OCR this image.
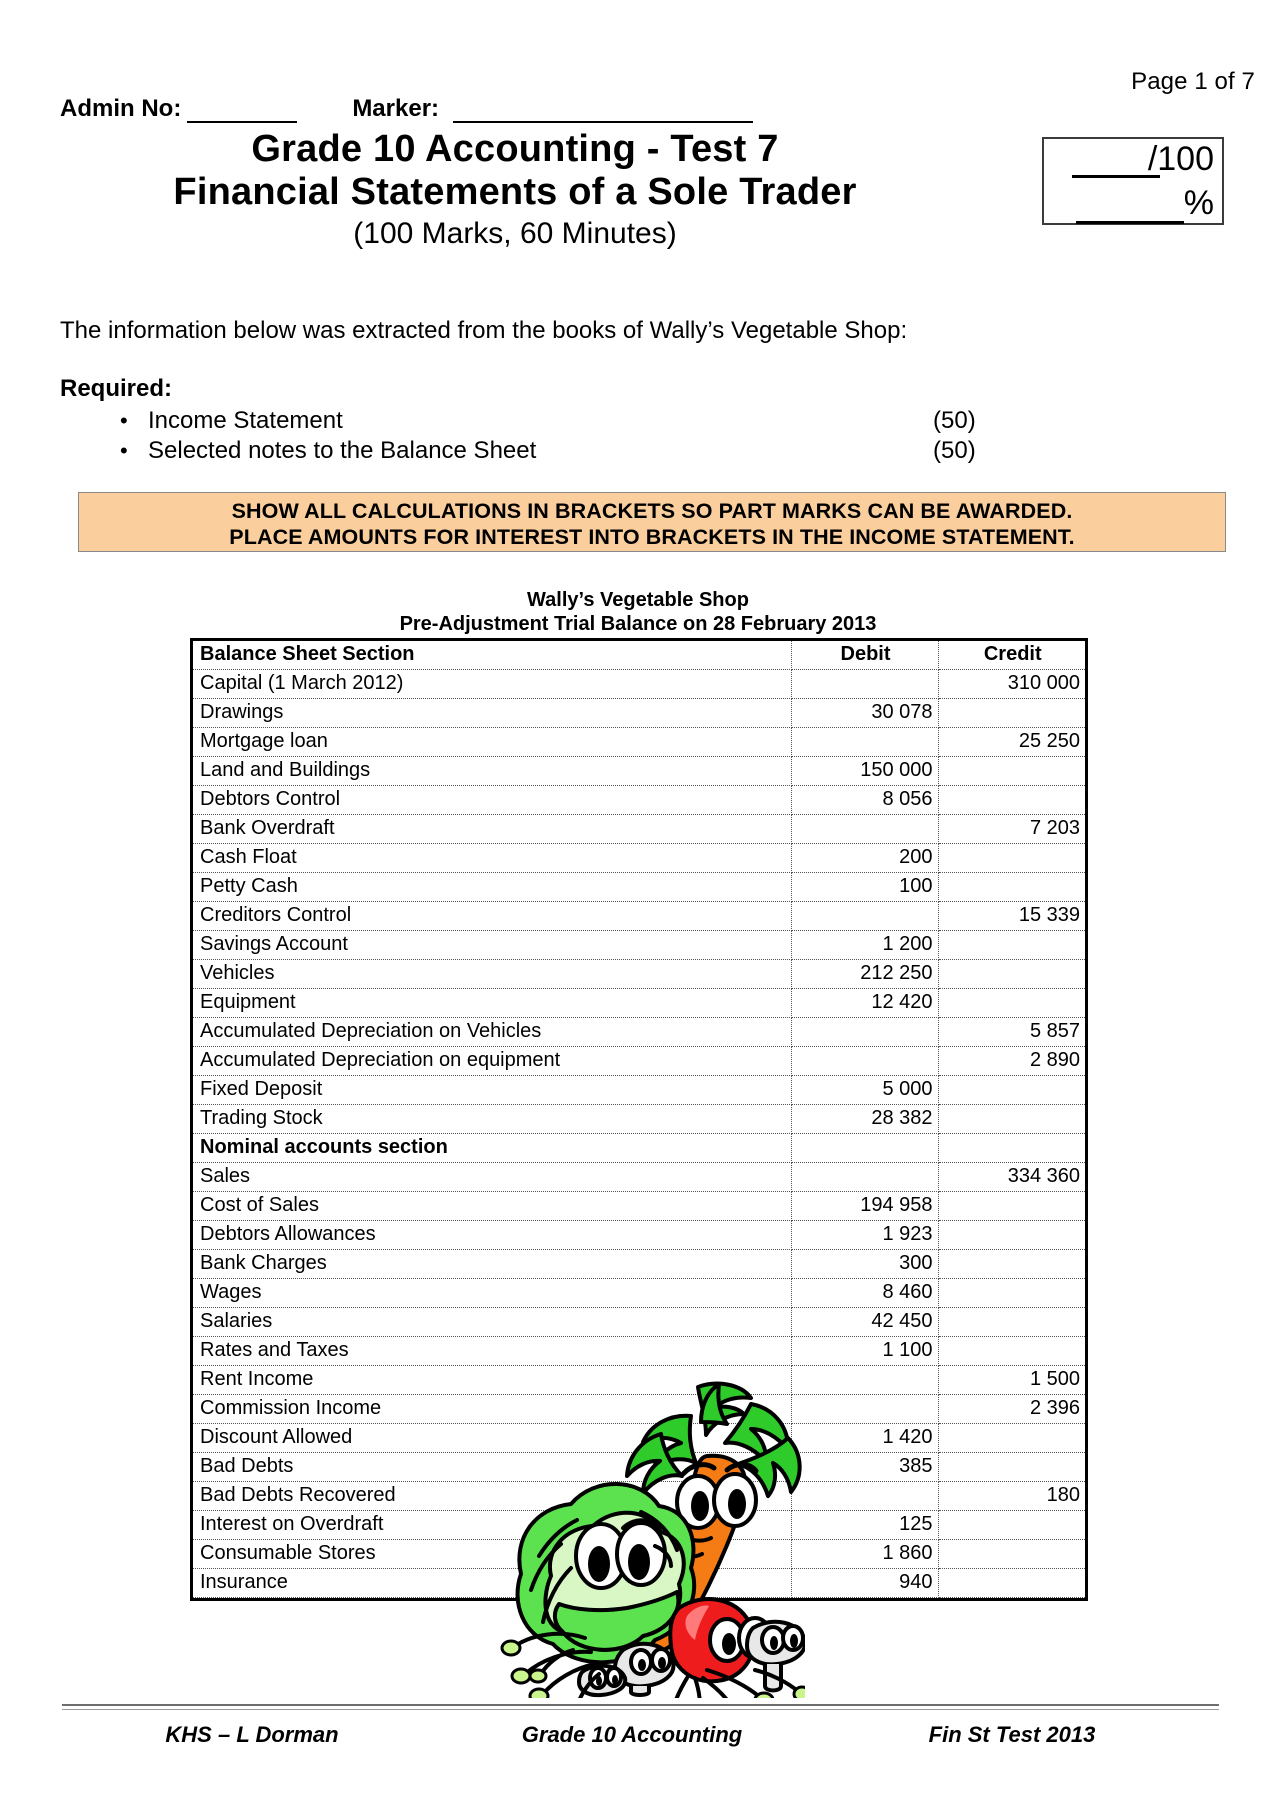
Page 1 of 7
Admin No:	Marker:
Grade 10 Accounting - Test 7
Financial Statements of a Sole Trader
(100 Marks, 60 Minutes)
/100
%
The information below was extracted from the books of Wally’s Vegetable Shop:
Required:
• Income Statement	(50)
• Selected notes to the Balance Sheet	(50)
SHOW ALL CALCULATIONS IN BRACKETS SO PART MARKS CAN BE AWARDED.
PLACE AMOUNTS FOR INTEREST INTO BRACKETS IN THE INCOME STATEMENT.
Wally’s Vegetable Shop
Pre-Adjustment Trial Balance on 28 February 2013
Balance Sheet Section	Debit	Credit
Capital (1 March 2012)		310 000
Drawings	30 078	
Mortgage loan		25 250
Land and Buildings	150 000	
Debtors Control	8 056	
Bank Overdraft		7 203
Cash Float	200	
Petty Cash	100	
Creditors Control		15 339
Savings Account	1 200	
Vehicles	212 250	
Equipment	12 420	
Accumulated Depreciation on Vehicles		5 857
Accumulated Depreciation on equipment		2 890
Fixed Deposit	5 000	
Trading Stock	28 382	
Nominal accounts section		
Sales		334 360
Cost of Sales	194 958	
Debtors Allowances	1 923	
Bank Charges	300	
Wages	8 460	
Salaries	42 450	
Rates and Taxes	1 100	
Rent Income		1 500
Commission Income		2 396
Discount Allowed	1 420	
Bad Debts	385	
Bad Debts Recovered		180
Interest on Overdraft	125	
Consumable Stores	1 860	
Insurance	940	
KHS – L Dorman	Grade 10 Accounting	Fin St Test 2013
